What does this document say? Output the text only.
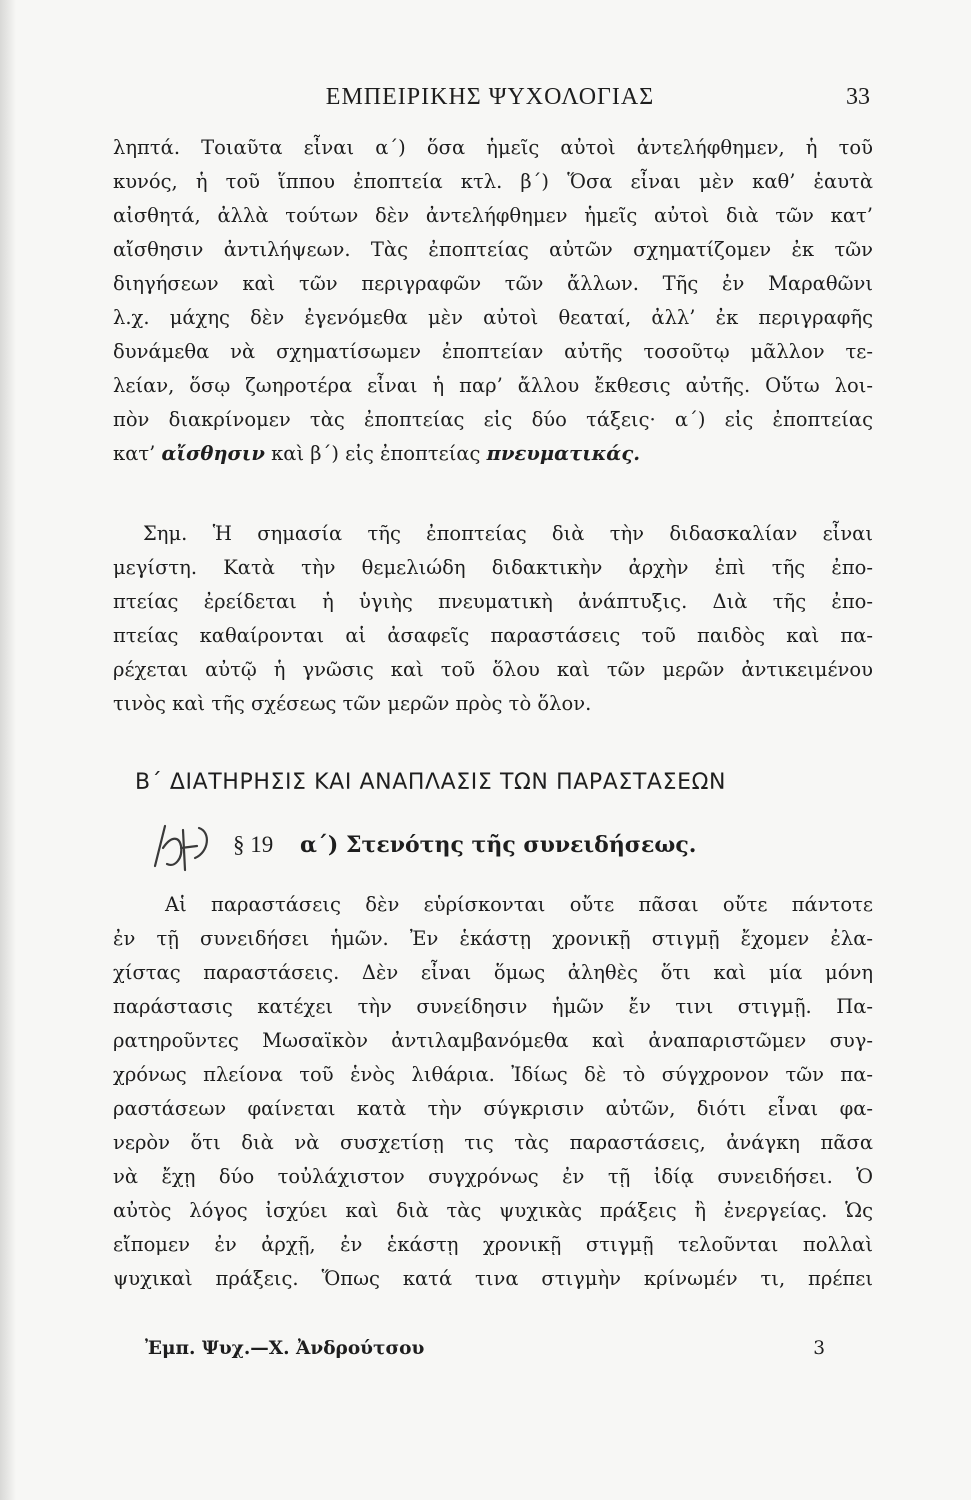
ΕΜΠΕΙΡΙΚΗΣ ΨΥΧΟΛΟΓΙΑΣ	33
ληπτά. Τοιαῦτα εἶναι α΄) ὅσα ἡμεῖς αὐτοὶ ἀντελήφθημεν, ἡ τοῦ
κυνός, ἡ τοῦ ἵππου ἐποπτεία κτλ. β΄) Ὅσα εἶναι μὲν καθ’ ἑαυτὰ
αἰσθητά, ἀλλὰ τούτων δὲν ἀντελήφθημεν ἡμεῖς αὐτοὶ διὰ τῶν κατ’
αἴσθησιν ἀντιλήψεων. Τὰς ἐποπτείας αὐτῶν σχηματίζομεν ἐκ τῶν
διηγήσεων καὶ τῶν περιγραφῶν τῶν ἄλλων. Τῆς ἐν Μαραθῶνι
λ.χ. μάχης δὲν ἐγενόμεθα μὲν αὐτοὶ θεαταί, ἀλλ’ ἐκ περιγραφῆς
δυνάμεθα νὰ σχηματίσωμεν ἐποπτείαν αὐτῆς τοσοῦτῳ μᾶλλον τε-
λείαν, ὅσῳ ζωηροτέρα εἶναι ἡ παρ’ ἄλλου ἔκθεσις αὐτῆς. Οὕτω λοι-
πὸν διακρίνομεν τὰς ἐποπτείας εἰς δύο τάξεις· α΄) εἰς ἐποπτείας
κατ’ αἴσθησιν καὶ β΄) εἰς ἐποπτείας πνευματικάς.
Σημ. Ἡ σημασία τῆς ἐποπτείας διὰ τὴν διδασκαλίαν εἶναι
μεγίστη. Κατὰ τὴν θεμελιώδη διδακτικὴν ἀρχὴν ἐπὶ τῆς ἐπο-
πτείας ἐρείδεται ἡ ὑγιὴς πνευματικὴ ἀνάπτυξις. Διὰ τῆς ἐπο-
πτείας καθαίρονται αἱ ἀσαφεῖς παραστάσεις τοῦ παιδὸς καὶ πα-
ρέχεται αὐτῷ ἡ γνῶσις καὶ τοῦ ὅλου καὶ τῶν μερῶν ἀντικειμένου
τινὸς καὶ τῆς σχέσεως τῶν μερῶν πρὸς τὸ ὅλον.
Β΄ ΔΙΑΤΗΡΗΣΙΣ ΚΑΙ ΑΝΑΠΛΑΣΙΣ ΤΩΝ ΠΑΡΑΣΤΑΣΕΩΝ
§ 19 α΄) Στενότης τῆς συνειδήσεως.
Αἱ παραστάσεις δὲν εὑρίσκονται οὔτε πᾶσαι οὔτε πάντοτε
ἐν τῇ συνειδήσει ἡμῶν. Ἐν ἑκάστῃ χρονικῇ στιγμῇ ἔχομεν ἐλα-
χίστας παραστάσεις. Δὲν εἶναι ὅμως ἀληθὲς ὅτι καὶ μία μόνη
παράστασις κατέχει τὴν συνείδησιν ἡμῶν ἔν τινι στιγμῇ. Πα-
ρατηροῦντες Μωσαϊκὸν ἀντιλαμβανόμεθα καὶ ἀναπαριστῶμεν συγ-
χρόνως πλείονα τοῦ ἑνὸς λιθάρια. Ἰδίως δὲ τὸ σύγχρονον τῶν πα-
ραστάσεων φαίνεται κατὰ τὴν σύγκρισιν αὐτῶν, διότι εἶναι φα-
νερὸν ὅτι διὰ νὰ συσχετίσῃ τις τὰς παραστάσεις, ἀνάγκη πᾶσα
νὰ ἔχῃ δύο τοὐλάχιστον συγχρόνως ἐν τῇ ἰδίᾳ συνειδήσει. Ὁ
αὐτὸς λόγος ἰσχύει καὶ διὰ τὰς ψυχικὰς πράξεις ἢ ἐνεργείας. Ὡς
εἴπομεν ἐν ἀρχῇ, ἐν ἑκάστῃ χρονικῇ στιγμῇ τελοῦνται πολλαὶ
ψυχικαὶ πράξεις. Ὅπως κατά τινα στιγμὴν κρίνωμέν τι, πρέπει
Ἐμπ. Ψυχ.—Χ. Ἀνδρούτσου	3
